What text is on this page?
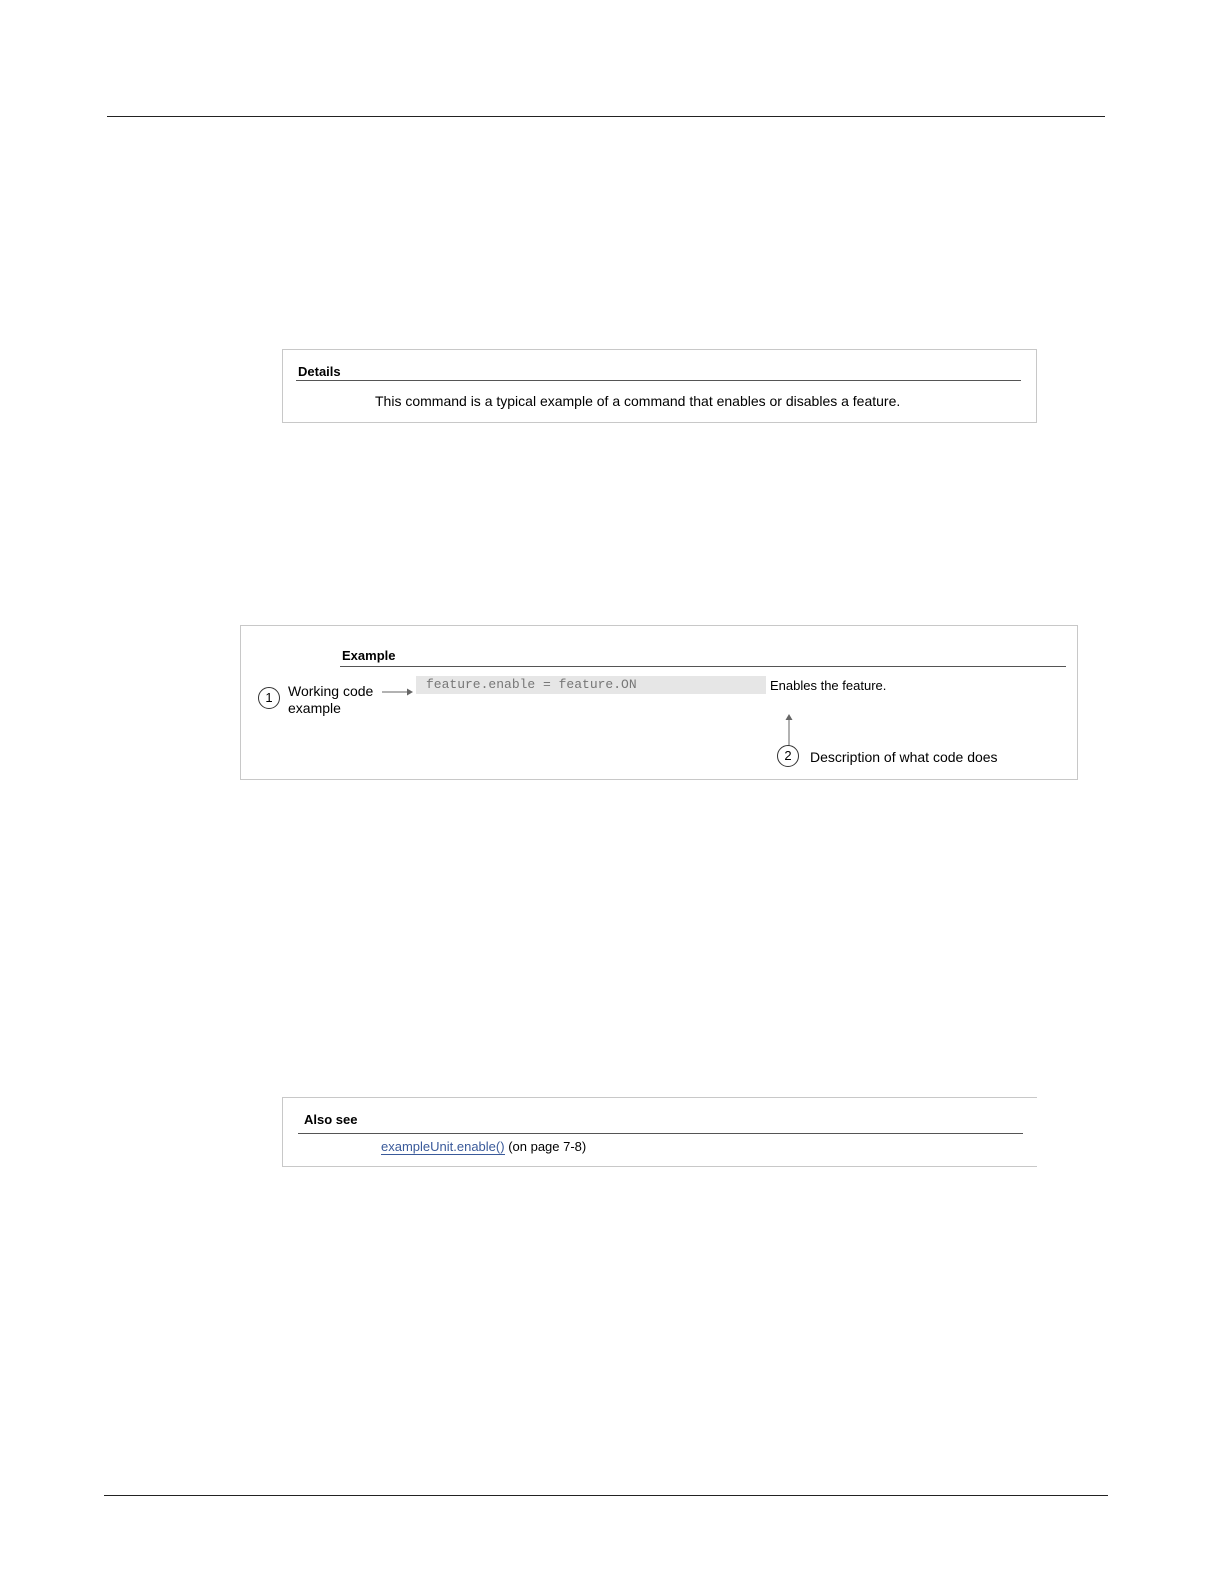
Details
This command is a typical example of a command that enables or disables a feature.
Example
feature.enable = feature.ON	Enables the feature.
1	Working code
example
2	Description of what code does
Also see
exampleUnit.enable() (on page 7-8)
